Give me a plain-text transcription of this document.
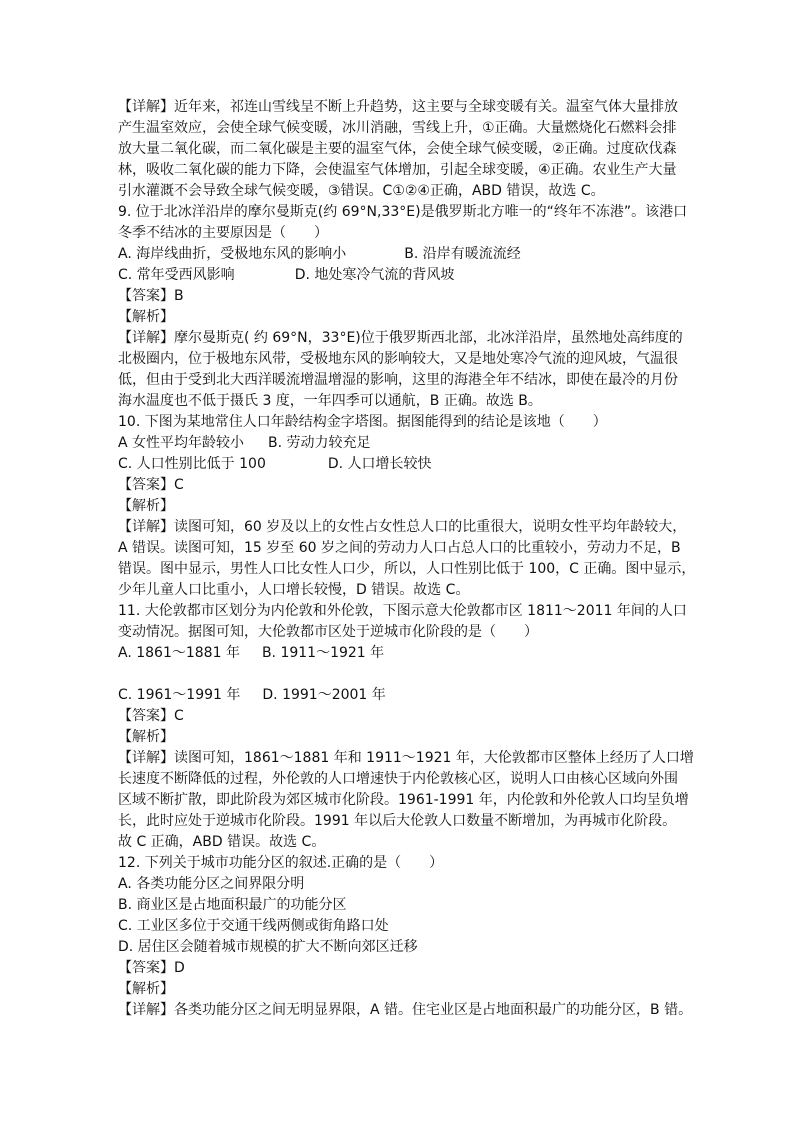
【详解】近年来，祁连山雪线呈不断上升趋势，这主要与全球变暖有关。温室气体大量排放
产生温室效应，会使全球气候变暖，冰川消融，雪线上升，①正确。大量燃烧化石燃料会排
放大量二氧化碳，而二氧化碳是主要的温室气体，会使全球气候变暖，②正确。过度砍伐森
林，吸收二氧化碳的能力下降，会使温室气体增加，引起全球变暖，④正确。农业生产大量
引水灌溉不会导致全球气候变暖，③错误。C①②④正确，ABD 错误，故选 C。
9. 位于北冰洋沿岸的摩尔曼斯克(约 69°N,33°E)是俄罗斯北方唯一的“终年不冻港”。该港口
冬季不结冰的主要原因是（　　）
A. 海岸线曲折，受极地东风的影响小	B. 沿岸有暖流流经
C. 常年受西风影响	D. 地处寒冷气流的背风坡
【答案】B
【解析】
【详解】摩尔曼斯克( 约 69°N，33°E)位于俄罗斯西北部，北冰洋沿岸，虽然地处高纬度的
北极圈内，位于极地东风带，受极地东风的影响较大，又是地处寒冷气流的迎风坡，气温很
低，但由于受到北大西洋暖流增温增湿的影响，这里的海港全年不结冰，即使在最冷的月份
海水温度也不低于摄氏 3 度，一年四季可以通航，B 正确。故选 B。
10. 下图为某地常住人口年龄结构金字塔图。据图能得到的结论是该地（　　）
A 女性平均年龄较小 B. 劳动力较充足
C. 人口性别比低于 100	D. 人口增长较快
【答案】C
【解析】
【详解】读图可知，60 岁及以上的女性占女性总人口的比重很大，说明女性平均年龄较大，
A 错误。读图可知，15 岁至 60 岁之间的劳动力人口占总人口的比重较小，劳动力不足，B
错误。图中显示，男性人口比女性人口少，所以，人口性别比低于 100，C 正确。图中显示，
少年儿童人口比重小，人口增长较慢，D 错误。故选 C。
11. 大伦敦都市区划分为内伦敦和外伦敦，下图示意大伦敦都市区 1811～2011 年间的人口
变动情况。据图可知，大伦敦都市区处于逆城市化阶段的是（　　）
A. 1861～1881 年 B. 1911～1921 年
C. 1961～1991 年 D. 1991～2001 年
【答案】C
【解析】
【详解】读图可知，1861～1881 年和 1911～1921 年，大伦敦都市区整体上经历了人口增
长速度不断降低的过程，外伦敦的人口增速快于内伦敦核心区，说明人口由核心区域向外围
区域不断扩散，即此阶段为郊区城市化阶段。1961-1991 年，内伦敦和外伦敦人口均呈负增
长，此时应处于逆城市化阶段。1991 年以后大伦敦人口数量不断增加，为再城市化阶段。
故 C 正确，ABD 错误。故选 C。
12. 下列关于城市功能分区的叙述.正确的是（　　）
A. 各类功能分区之间界限分明
B. 商业区是占地面积最广的功能分区
C. 工业区多位于交通干线两侧或街角路口处
D. 居住区会随着城市规模的扩大不断向郊区迁移
【答案】D
【解析】
【详解】各类功能分区之间无明显界限，A 错。住宅业区是占地面积最广的功能分区，B 错。
